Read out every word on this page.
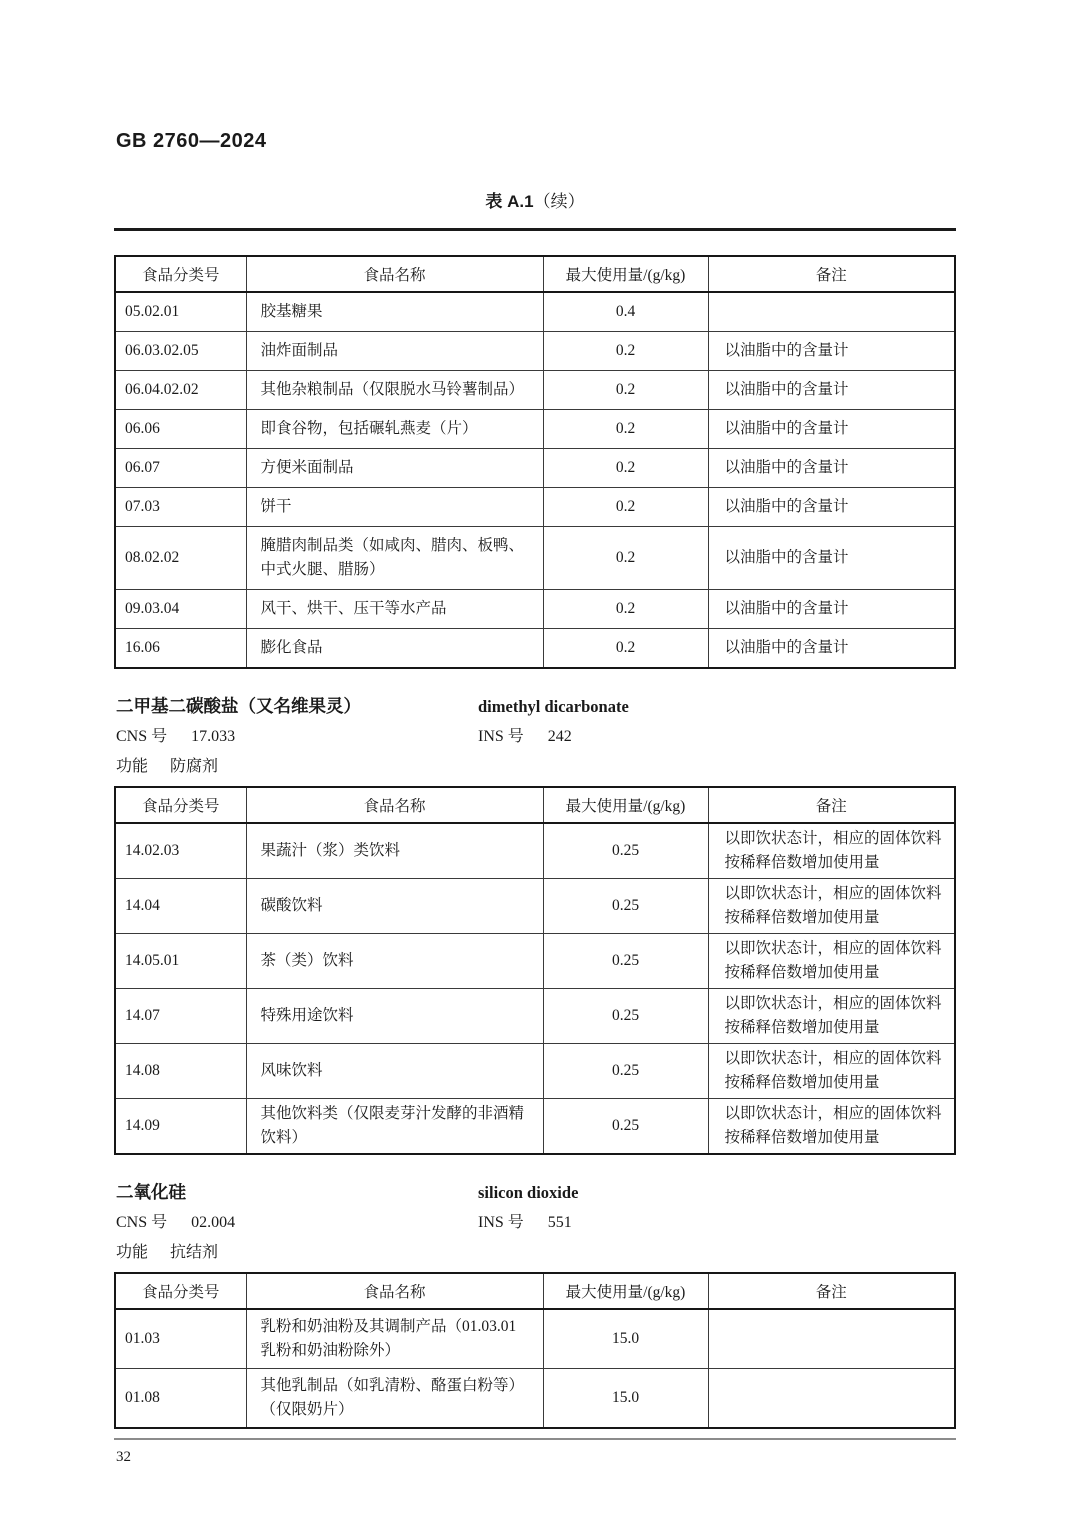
GB 2760—2024
表 A.1（续）
食品分类号	食品名称	最大使用量/(g/kg)	备注
05.02.01	胶基糖果	0.4	
06.03.02.05	油炸面制品	0.2	以油脂中的含量计
06.04.02.02	其他杂粮制品（仅限脱水马铃薯制品）	0.2	以油脂中的含量计
06.06	即食谷物，包括碾轧燕麦（片）	0.2	以油脂中的含量计
06.07	方便米面制品	0.2	以油脂中的含量计
07.03	饼干	0.2	以油脂中的含量计
08.02.02	腌腊肉制品类（如咸肉、腊肉、板鸭、中式火腿、腊肠）	0.2	以油脂中的含量计
09.03.04	风干、烘干、压干等水产品	0.2	以油脂中的含量计
16.06	膨化食品	0.2	以油脂中的含量计
二甲基二碳酸盐（又名维果灵）	dimethyl dicarbonate
CNS 号 17.033	INS 号 242
功能 防腐剂
食品分类号	食品名称	最大使用量/(g/kg)	备注
14.02.03	果蔬汁（浆）类饮料	0.25	以即饮状态计，相应的固体饮料按稀释倍数增加使用量
14.04	碳酸饮料	0.25	以即饮状态计，相应的固体饮料按稀释倍数增加使用量
14.05.01	茶（类）饮料	0.25	以即饮状态计，相应的固体饮料按稀释倍数增加使用量
14.07	特殊用途饮料	0.25	以即饮状态计，相应的固体饮料按稀释倍数增加使用量
14.08	风味饮料	0.25	以即饮状态计，相应的固体饮料按稀释倍数增加使用量
14.09	其他饮料类（仅限麦芽汁发酵的非酒精饮料）	0.25	以即饮状态计，相应的固体饮料按稀释倍数增加使用量
二氧化硅	silicon dioxide
CNS 号 02.004	INS 号 551
功能 抗结剂
食品分类号	食品名称	最大使用量/(g/kg)	备注
01.03	乳粉和奶油粉及其调制产品（01.03.01 乳粉和奶油粉除外）	15.0	
01.08	其他乳制品（如乳清粉、酪蛋白粉等）（仅限奶片）	15.0	
32
